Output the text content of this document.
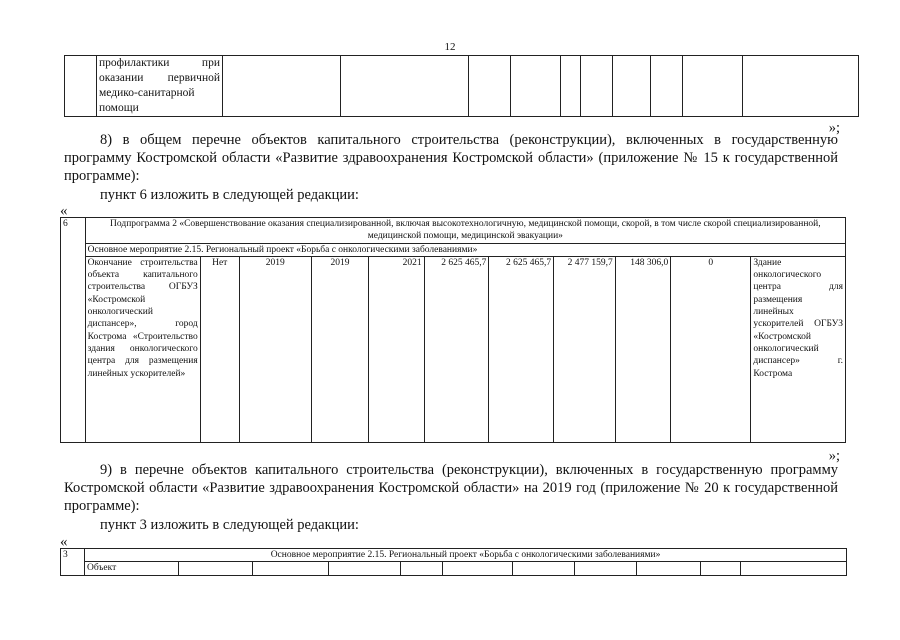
12
	профилактики при оказании первичной медико-санитарной помощи										
»;
8) в общем перечне объектов капитального строительства (реконструкции), включенных в государственную программу Костромской области «Развитие здравоохранения Костромской области» (приложение № 15 к государственной программе):
пункт 6 изложить в следующей редакции:
«
6	Подпрограмма 2 «Совершенствование оказания специализированной, включая высокотехнологичную, медицинской помощи, скорой, в том числе скорой специализированной, медицинской помощи, медицинской эвакуации»										
	Основное мероприятие 2.15. Региональный проект «Борьба с онкологическими заболеваниями»										
	Окончание строительства объекта капитального строительства ОГБУЗ «Костромской онкологический диспансер», город Кострома «Строительство здания онкологического центра для размещения линейных ускорителей»	Нет	2019	2019	2021	2 625 465,7	2 625 465,7	2 477 159,7	148 306,0	0	Здание онкологического центра для размещения линейных ускорителей ОГБУЗ «Костромской онкологический диспансер» г. Кострома
»;
9) в перечне объектов капитального строительства (реконструкции), включенных в государственную программу Костромской области «Развитие здравоохранения Костромской области» на 2019 год (приложение № 20 к государственной программе):
пункт 3 изложить в следующей редакции:
«
3	Основное мероприятие 2.15. Региональный проект «Борьба с онкологическими заболеваниями»										
	Объект										
